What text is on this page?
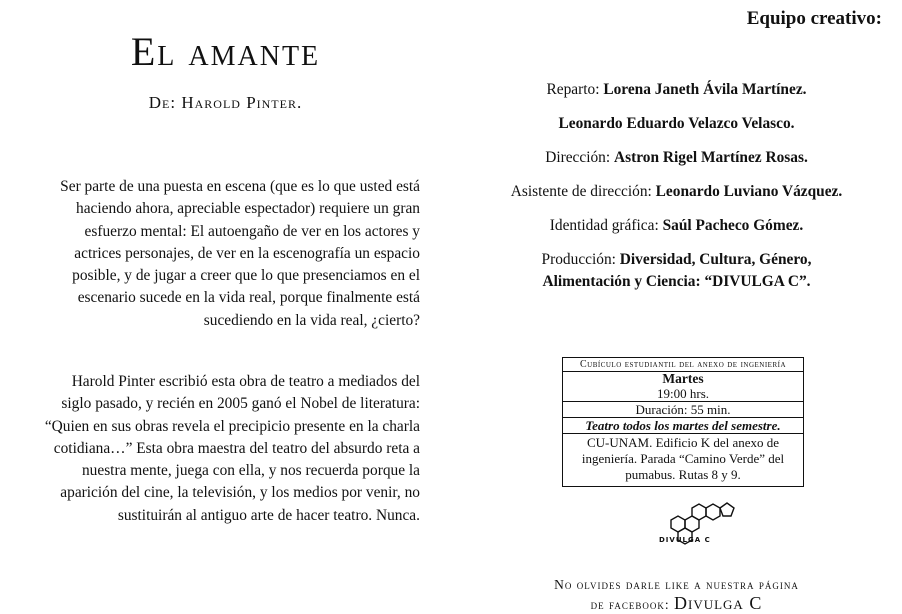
El amante
De: Harold Pinter.

Ser parte de una puesta en escena (que es lo que usted está haciendo ahora, apreciable espectador) requiere un gran esfuerzo mental: El autoengaño de ver en los actores y actrices personajes, de ver en la escenografía un espacio posible, y de jugar a creer que lo que presenciamos en el escenario sucede en la vida real, porque finalmente está sucediendo en la vida real, ¿cierto?

Harold Pinter escribió esta obra de teatro a mediados del siglo pasado, y recién en 2005 ganó el Nobel de literatura: “Quien en sus obras revela el precipicio presente en la charla cotidiana…” Esta obra maestra del teatro del absurdo reta a nuestra mente, juega con ella, y nos recuerda porque la aparición del cine, la televisión, y los medios por venir, no sustituirán al antiguo arte de hacer teatro. Nunca.

Equipo creativo:
Reparto: Lorena Janeth Ávila Martínez.
Leonardo Eduardo Velazco Velasco.
Dirección: Astron Rigel Martínez Rosas.
Asistente de dirección: Leonardo Luviano Vázquez.
Identidad gráfica: Saúl Pacheco Gómez.
Producción: Diversidad, Cultura, Género,
Alimentación y Ciencia: “DIVULGA C”.
Cubículo estudiantil del anexo de ingeniería
Martes
19:00 hrs.
Duración: 55 min.
Teatro todos los martes del semestre.
CU-UNAM. Edificio K del anexo de ingeniería. Parada “Camino Verde” del pumabus. Rutas 8 y 9.
DIVULGA C
No olvides darle like a nuestra página
de facebook: Divulga C
